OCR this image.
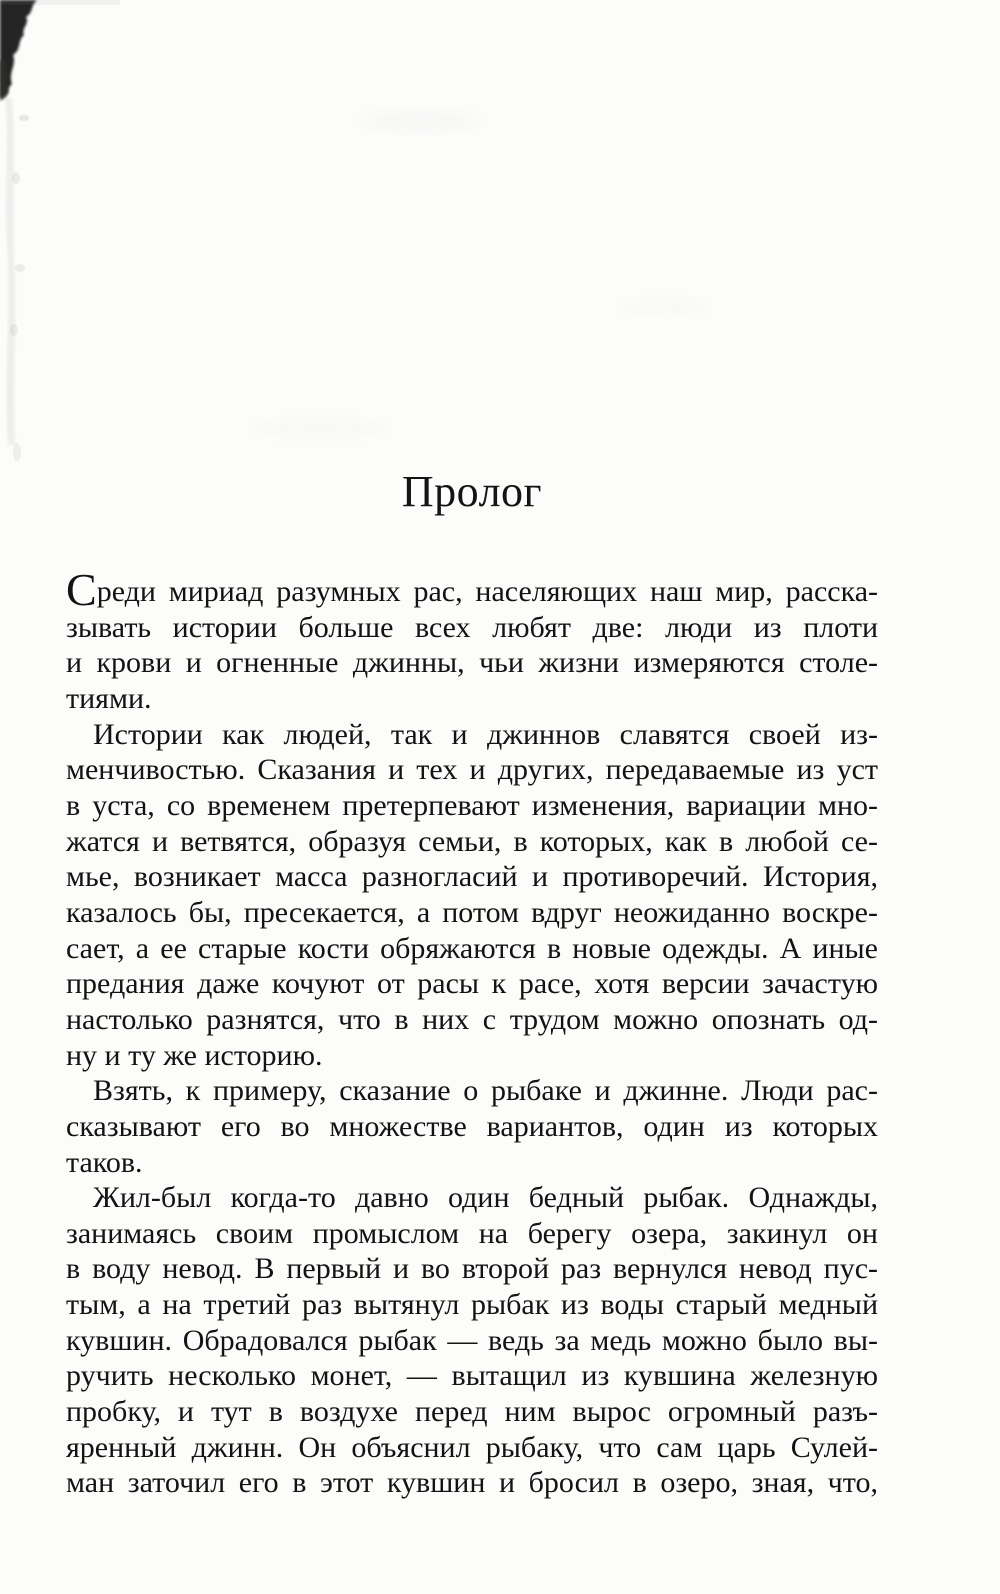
Пролог
Среди мириад разумных рас, населяющих наш мир, расска-
зывать истории больше всех любят две: люди из плоти
и крови и огненные джинны, чьи жизни измеряются столе-
тиями.
Истории как людей, так и джиннов славятся своей из-
менчивостью. Сказания и тех и других, передаваемые из уст
в уста, со временем претерпевают изменения, вариации мно-
жатся и ветвятся, образуя семьи, в которых, как в любой се-
мье, возникает масса разногласий и противоречий. История,
казалось бы, пресекается, а потом вдруг неожиданно воскре-
сает, а ее старые кости обряжаются в новые одежды. А иные
предания даже кочуют от расы к расе, хотя версии зачастую
настолько разнятся, что в них с трудом можно опознать од-
ну и ту же историю.
Взять, к примеру, сказание о рыбаке и джинне. Люди рас-
сказывают его во множестве вариантов, один из которых
таков.
Жил-был когда-то давно один бедный рыбак. Однажды,
занимаясь своим промыслом на берегу озера, закинул он
в воду невод. В первый и во второй раз вернулся невод пус-
тым, а на третий раз вытянул рыбак из воды старый медный
кувшин. Обрадовался рыбак — ведь за медь можно было вы-
ручить несколько монет, — вытащил из кувшина железную
пробку, и тут в воздухе перед ним вырос огромный разъ-
яренный джинн. Он объяснил рыбаку, что сам царь Сулей-
ман заточил его в этот кувшин и бросил в озеро, зная, что,
